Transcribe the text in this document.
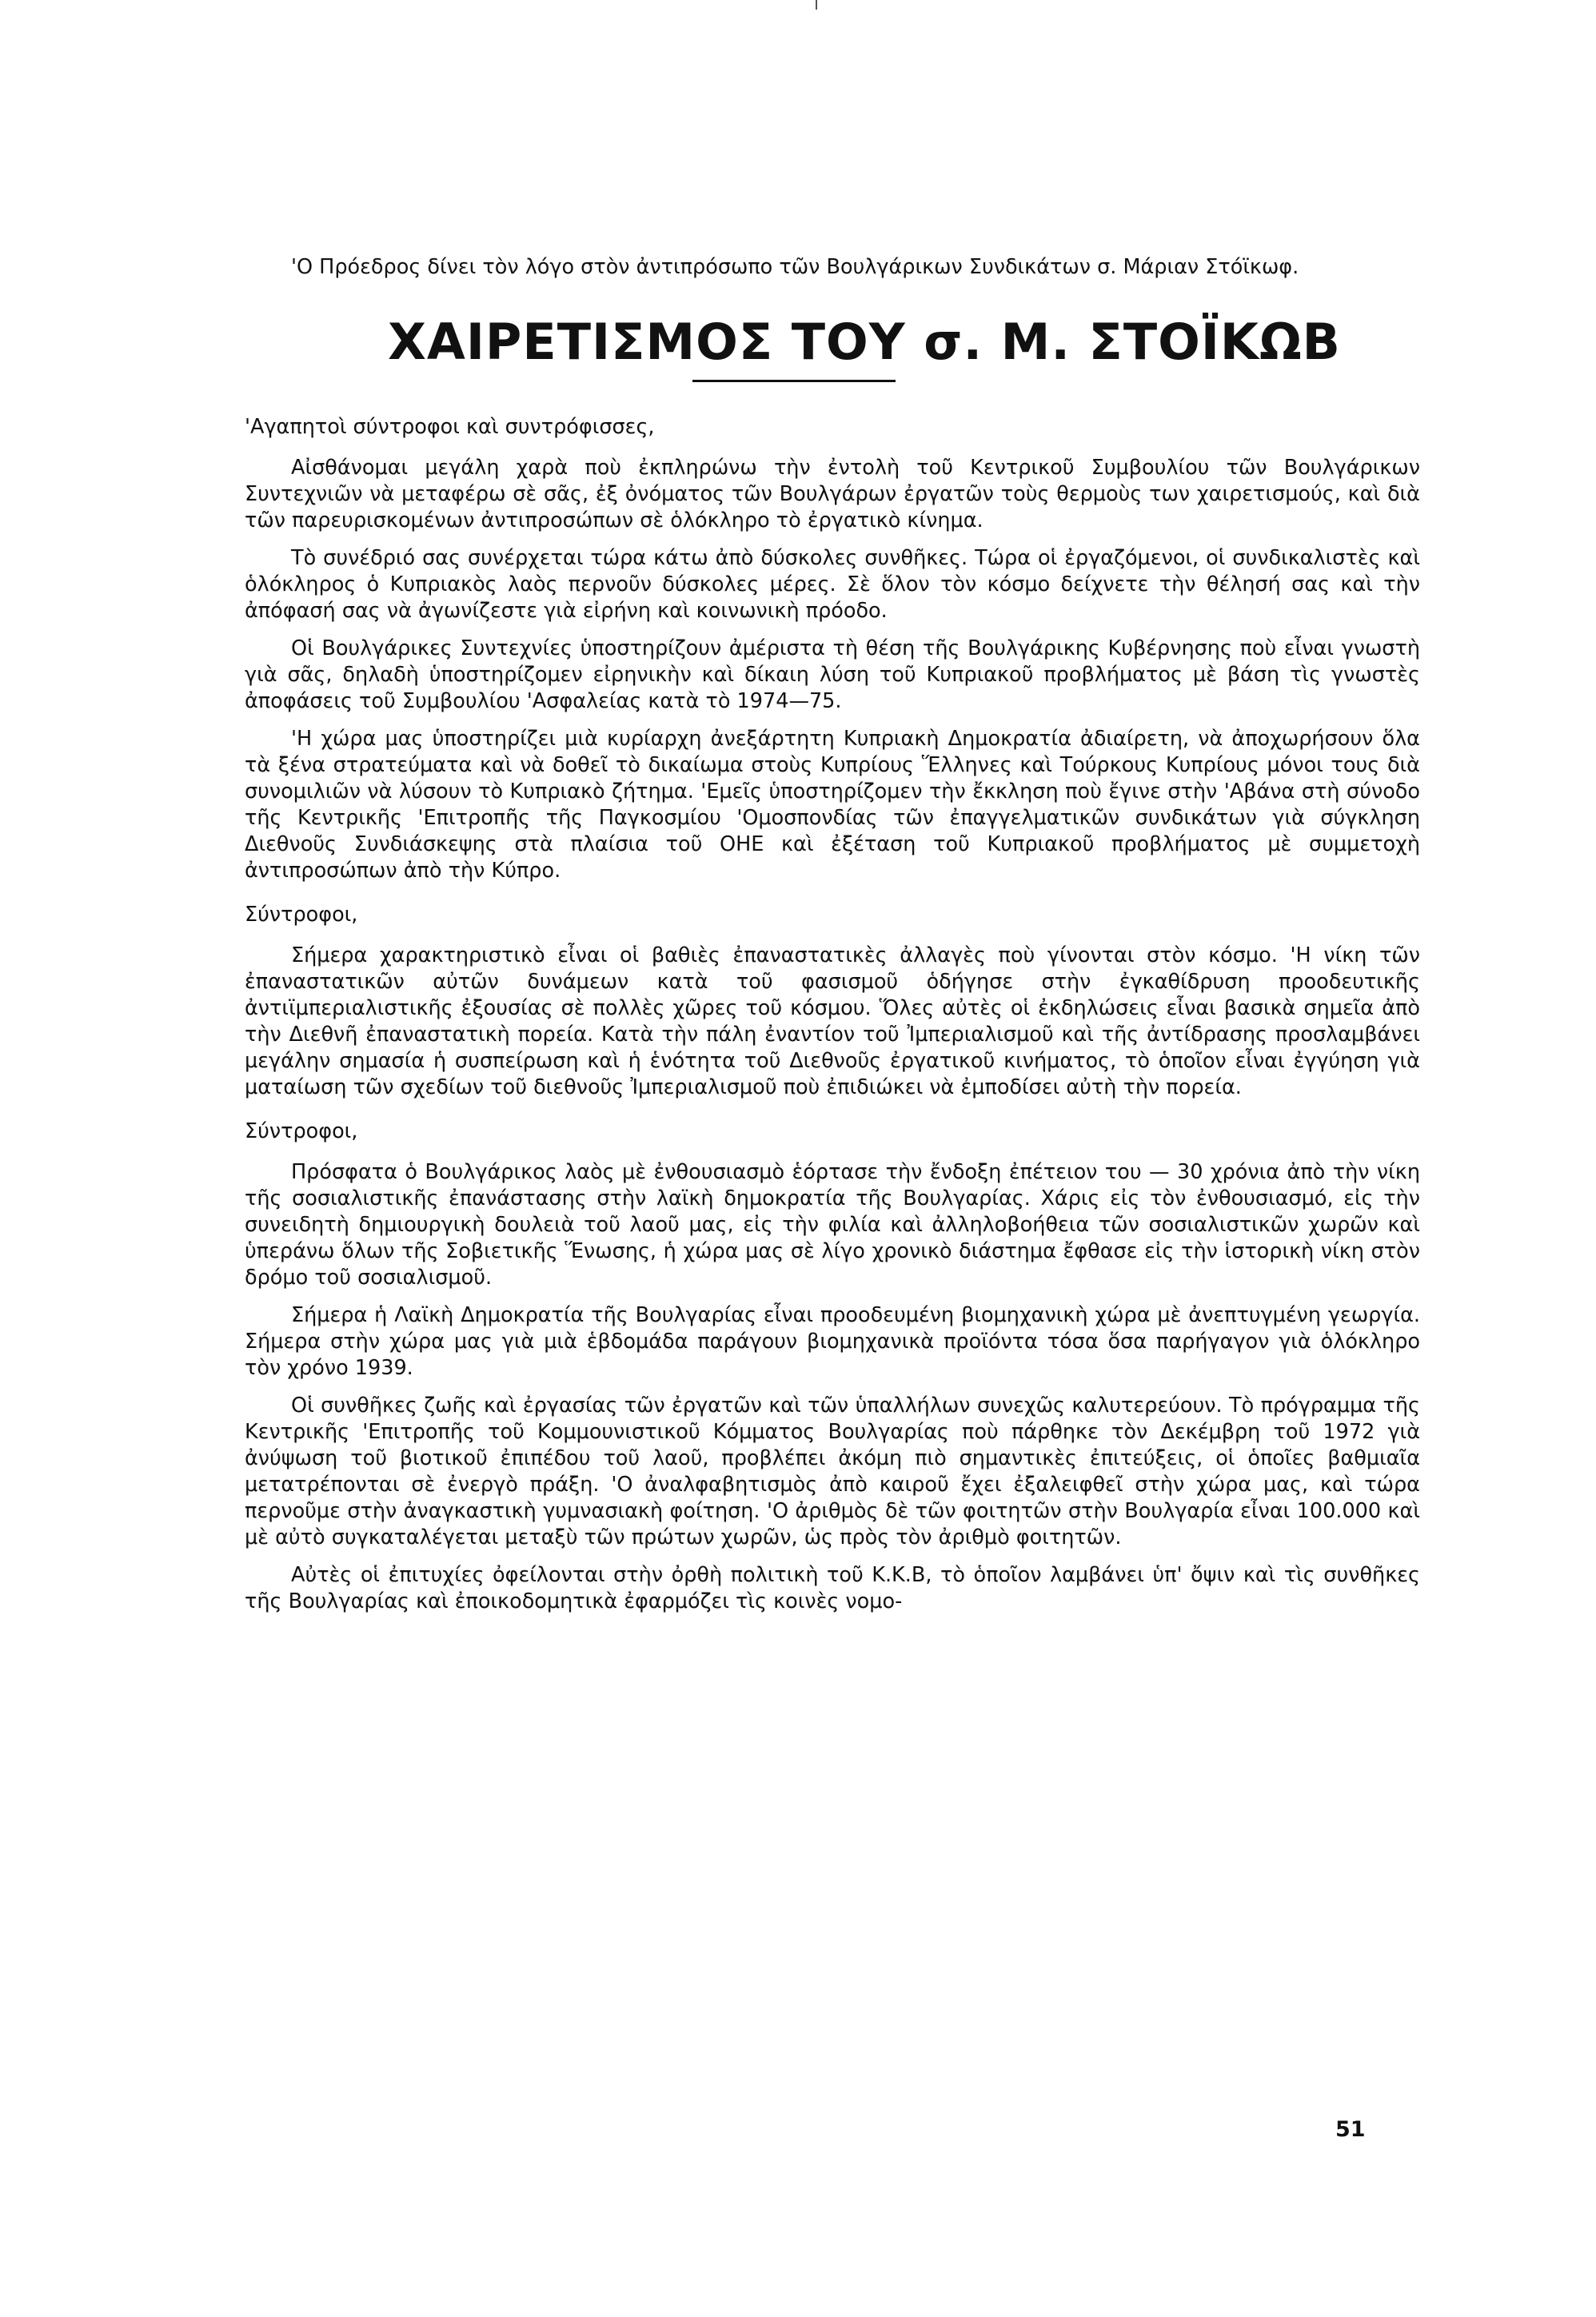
'Ο Πρόεδρος δίνει τὸν λόγο στὸν ἀντιπρόσωπο τῶν Βουλγάρικων Συνδικάτων σ. Μάριαν Στόϊκωφ.

ΧΑΙΡΕΤΙΣΜΟΣ ΤΟΥ σ. Μ. ΣΤΟΪΚΩΒ

'Αγαπητοὶ σύντροφοι καὶ συντρόφισσες,

Αἰσθάνομαι μεγάλη χαρὰ ποὺ ἐκπληρώνω τὴν ἐντολὴ τοῦ Κεντρικοῦ Συμβουλίου τῶν Βουλγάρικων Συντεχνιῶν νὰ μεταφέρω σὲ σᾶς, ἐξ ὀνόματος τῶν Βουλγάρων ἐργατῶν τοὺς θερμοὺς των χαιρετισμούς, καὶ διὰ τῶν παρευρισκομένων ἀντιπροσώπων σὲ ὁλόκληρο τὸ ἐργατικὸ κίνημα.

Τὸ συνέδριό σας συνέρχεται τώρα κάτω ἀπὸ δύσκολες συνθῆκες. Τώρα οἱ ἐργαζόμενοι, οἱ συνδικαλιστὲς καὶ ὁλόκληρος ὁ Κυπριακὸς λαὸς περνοῦν δύσκολες μέρες. Σὲ ὅλον τὸν κόσμο δείχνετε τὴν θέλησή σας καὶ τὴν ἀπόφασή σας νὰ ἀγωνίζεστε γιὰ εἰρήνη καὶ κοινωνικὴ πρόοδο.

Οἱ Βουλγάρικες Συντεχνίες ὑποστηρίζουν ἀμέριστα τὴ θέση τῆς Βουλγάρικης Κυβέρνησης ποὺ εἶναι γνωστὴ γιὰ σᾶς, δηλαδὴ ὑποστηρίζομεν εἰρηνικὴν καὶ δίκαιη λύση τοῦ Κυπριακοῦ προβλήματος μὲ βάση τὶς γνωστὲς ἀποφάσεις τοῦ Συμβουλίου 'Ασφαλείας κατὰ τὸ 1974—75.

'Η χώρα μας ὑποστηρίζει μιὰ κυρίαρχη ἀνεξάρτητη Κυπριακὴ Δημοκρατία ἀδιαίρετη, νὰ ἀποχωρήσουν ὅλα τὰ ξένα στρατεύματα καὶ νὰ δοθεῖ τὸ δικαίωμα στοὺς Κυπρίους Ἕλληνες καὶ Τούρκους Κυπρίους μόνοι τους διὰ συνομιλιῶν νὰ λύσουν τὸ Κυπριακὸ ζήτημα. 'Εμεῖς ὑποστηρίζομεν τὴν ἔκκληση ποὺ ἔγινε στὴν 'Αβάνα στὴ σύνοδο τῆς Κεντρικῆς 'Επιτροπῆς τῆς Παγκοσμίου 'Ομοσπονδίας τῶν ἐπαγγελματικῶν συνδικάτων γιὰ σύγκληση Διεθνοῦς Συνδιάσκεψης στὰ πλαίσια τοῦ ΟΗΕ καὶ ἐξέταση τοῦ Κυπριακοῦ προβλήματος μὲ συμμετοχὴ ἀντιπροσώπων ἀπὸ τὴν Κύπρο.

Σύντροφοι,

Σήμερα χαρακτηριστικὸ εἶναι οἱ βαθιὲς ἐπαναστατικὲς ἀλλαγὲς ποὺ γίνονται στὸν κόσμο. 'Η νίκη τῶν ἐπαναστατικῶν αὐτῶν δυνάμεων κατὰ τοῦ φασισμοῦ ὁδήγησε στὴν ἐγκαθίδρυση προοδευτικῆς ἀντιϊμπεριαλιστικῆς ἐξουσίας σὲ πολλὲς χῶρες τοῦ κόσμου. Ὅλες αὐτὲς οἱ ἐκδηλώσεις εἶναι βασικὰ σημεῖα ἀπὸ τὴν Διεθνῆ ἐπαναστατικὴ πορεία. Κατὰ τὴν πάλη ἐναντίον τοῦ Ἰμπεριαλισμοῦ καὶ τῆς ἀντίδρασης προσλαμβάνει μεγάλην σημασία ἡ συσπείρωση καὶ ἡ ἑνότητα τοῦ Διεθνοῦς ἐργατικοῦ κινήματος, τὸ ὁποῖον εἶναι ἐγγύηση γιὰ ματαίωση τῶν σχεδίων τοῦ διεθνοῦς Ἰμπεριαλισμοῦ ποὺ ἐπιδιώκει νὰ ἐμποδίσει αὐτὴ τὴν πορεία.

Σύντροφοι,

Πρόσφατα ὁ Βουλγάρικος λαὸς μὲ ἐνθουσιασμὸ ἑόρτασε τὴν ἔνδοξη ἐπέτειον του — 30 χρόνια ἀπὸ τὴν νίκη τῆς σοσιαλιστικῆς ἐπανάστασης στὴν λαϊκὴ δημοκρατία τῆς Βουλγαρίας. Χάρις εἰς τὸν ἐνθουσιασμό, εἰς τὴν συνειδητὴ δημιουργικὴ δουλειὰ τοῦ λαοῦ μας, εἰς τὴν φιλία καὶ ἀλληλοβοήθεια τῶν σοσιαλιστικῶν χωρῶν καὶ ὑπεράνω ὅλων τῆς Σοβιετικῆς Ἕνωσης, ἡ χώρα μας σὲ λίγο χρονικὸ διάστημα ἔφθασε εἰς τὴν ἱστορικὴ νίκη στὸν δρόμο τοῦ σοσιαλισμοῦ.

Σήμερα ἡ Λαϊκὴ Δημοκρατία τῆς Βουλγαρίας εἶναι προοδευμένη βιομηχανικὴ χώρα μὲ ἀνεπτυγμένη γεωργία. Σήμερα στὴν χώρα μας γιὰ μιὰ ἑβδομάδα παράγουν βιομηχανικὰ προϊόντα τόσα ὅσα παρήγαγον γιὰ ὁλόκληρο τὸν χρόνο 1939.

Οἱ συνθῆκες ζωῆς καὶ ἐργασίας τῶν ἐργατῶν καὶ τῶν ὑπαλλήλων συνεχῶς καλυτερεύουν. Τὸ πρόγραμμα τῆς Κεντρικῆς 'Επιτροπῆς τοῦ Κομμουνιστικοῦ Κόμματος Βουλγαρίας ποὺ πάρθηκε τὸν Δεκέμβρη τοῦ 1972 γιὰ ἀνύψωση τοῦ βιοτικοῦ ἐπιπέδου τοῦ λαοῦ, προβλέπει ἀκόμη πιὸ σημαντικὲς ἐπιτεύξεις, οἱ ὁποῖες βαθμιαῖα μετατρέπονται σὲ ἐνεργὸ πράξη. 'Ο ἀναλφαβητισμὸς ἀπὸ καιροῦ ἔχει ἐξαλειφθεῖ στὴν χώρα μας, καὶ τώρα περνοῦμε στὴν ἀναγκαστικὴ γυμνασιακὴ φοίτηση. 'Ο ἀριθμὸς δὲ τῶν φοιτητῶν στὴν Βουλγαρία εἶναι 100.000 καὶ μὲ αὐτὸ συγκαταλέγεται μεταξὺ τῶν πρώτων χωρῶν, ὡς πρὸς τὸν ἀριθμὸ φοιτητῶν.

Αὐτὲς οἱ ἐπιτυχίες ὀφείλονται στὴν ὀρθὴ πολιτικὴ τοῦ Κ.Κ.Β, τὸ ὁποῖον λαμβάνει ὑπ' ὄψιν καὶ τὶς συνθῆκες τῆς Βουλγαρίας καὶ ἐποικοδομητικὰ ἐφαρμόζει τὶς κοινὲς νομο-

51
